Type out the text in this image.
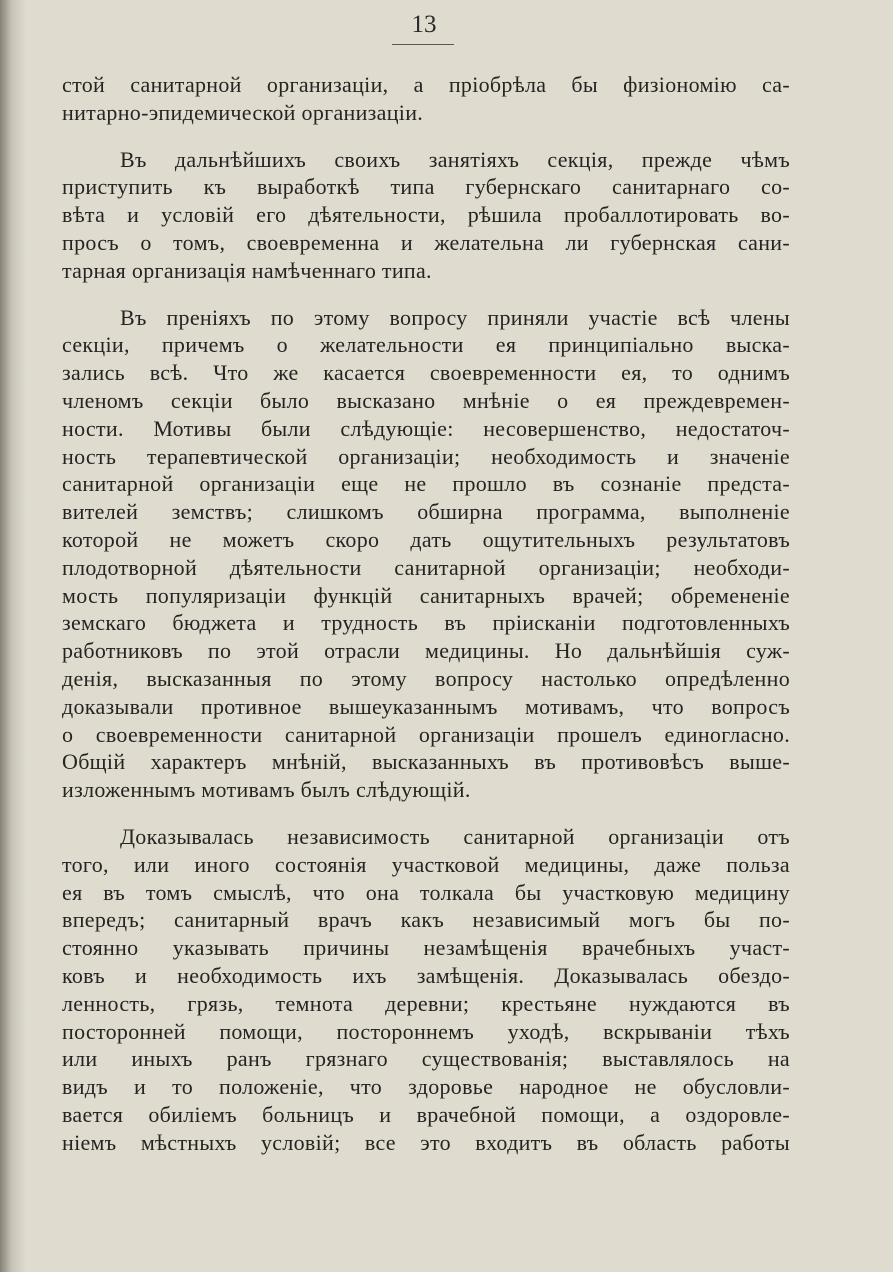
13
стой санитарной организаціи, а пріобрѣла бы физіономію са-
нитарно-эпидемической организаціи.
Въ дальнѣйшихъ своихъ занятіяхъ секція, прежде чѣмъ
приступить къ выработкѣ типа губернскаго санитарнаго со-
вѣта и условій его дѣятельности, рѣшила пробаллотировать во-
просъ о томъ, своевременна и желательна ли губернская сани-
тарная организація намѣченнаго типа.
Въ преніяхъ по этому вопросу приняли участіе всѣ члены
секціи, причемъ о желательности ея принципіально выска-
зались всѣ. Что же касается своевременности ея, то однимъ
членомъ секціи было высказано мнѣніе о ея преждевремен-
ности. Мотивы были слѣдующіе: несовершенство, недостаточ-
ность терапевтической организаціи; необходимость и значеніе
санитарной организаціи еще не прошло въ сознаніе предста-
вителей земствъ; слишкомъ обширна программа, выполненіе
которой не можетъ скоро дать ощутительныхъ результатовъ
плодотворной дѣятельности санитарной организаціи; необходи-
мость популяризаціи функцій санитарныхъ врачей; обремененіе
земскаго бюджета и трудность въ пріисканіи подготовленныхъ
работниковъ по этой отрасли медицины. Но дальнѣйшія суж-
денія, высказанныя по этому вопросу настолько опредѣленно
доказывали противное вышеуказаннымъ мотивамъ, что вопросъ
о своевременности санитарной организаціи прошелъ единогласно.
Общій характеръ мнѣній, высказанныхъ въ противовѣсъ выше-
изложеннымъ мотивамъ былъ слѣдующій.
Доказывалась независимость санитарной организаціи отъ
того, или иного состоянія участковой медицины, даже польза
ея въ томъ смыслѣ, что она толкала бы участковую медицину
впередъ; санитарный врачъ какъ независимый могъ бы по-
стоянно указывать причины незамѣщенія врачебныхъ участ-
ковъ и необходимость ихъ замѣщенія. Доказывалась обездо-
ленность, грязь, темнота деревни; крестьяне нуждаются въ
посторонней помощи, постороннемъ уходѣ, вскрываніи тѣхъ
или иныхъ ранъ грязнаго существованія; выставлялось на
видъ и то положеніе, что здоровье народное не обусловли-
вается обиліемъ больницъ и врачебной помощи, а оздоровле-
ніемъ мѣстныхъ условій; все это входитъ въ область работы
